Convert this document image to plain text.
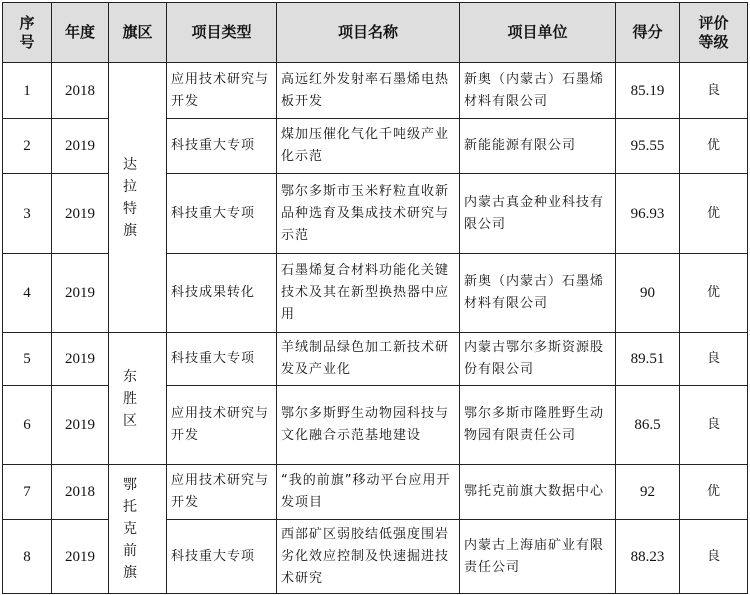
序号	年度	旗区	项目类型	项目名称	项目单位	得分	评价等级
1	2018	达拉特旗	应用技术研究与开发	高远红外发射率石墨烯电热板开发	新奥（内蒙古）石墨烯材料有限公司	85.19	良
2	2019		科技重大专项	煤加压催化气化千吨级产业化示范	新能能源有限公司	95.55	优
3	2019		科技重大专项	鄂尔多斯市玉米籽粒直收新品种选育及集成技术研究与示范	内蒙古真金种业科技有限公司	96.93	优
4	2019		科技成果转化	石墨烯复合材料功能化关键技术及其在新型换热器中应用	新奥（内蒙古）石墨烯材料有限公司	90	优
5	2019	东胜区	科技重大专项	羊绒制品绿色加工新技术研发及产业化	内蒙古鄂尔多斯资源股份有限公司	89.51	良
6	2019		应用技术研究与开发	鄂尔多斯野生动物园科技与文化融合示范基地建设	鄂尔多斯市隆胜野生动物园有限责任公司	86.5	良
7	2018	鄂托克前旗	应用技术研究与开发	“我的前旗”移动平台应用开发项目	鄂托克前旗大数据中心	92	优
8	2019		科技重大专项	西部矿区弱胶结低强度围岩劣化效应控制及快速掘进技术研究	内蒙古上海庙矿业有限责任公司	88.23	良
